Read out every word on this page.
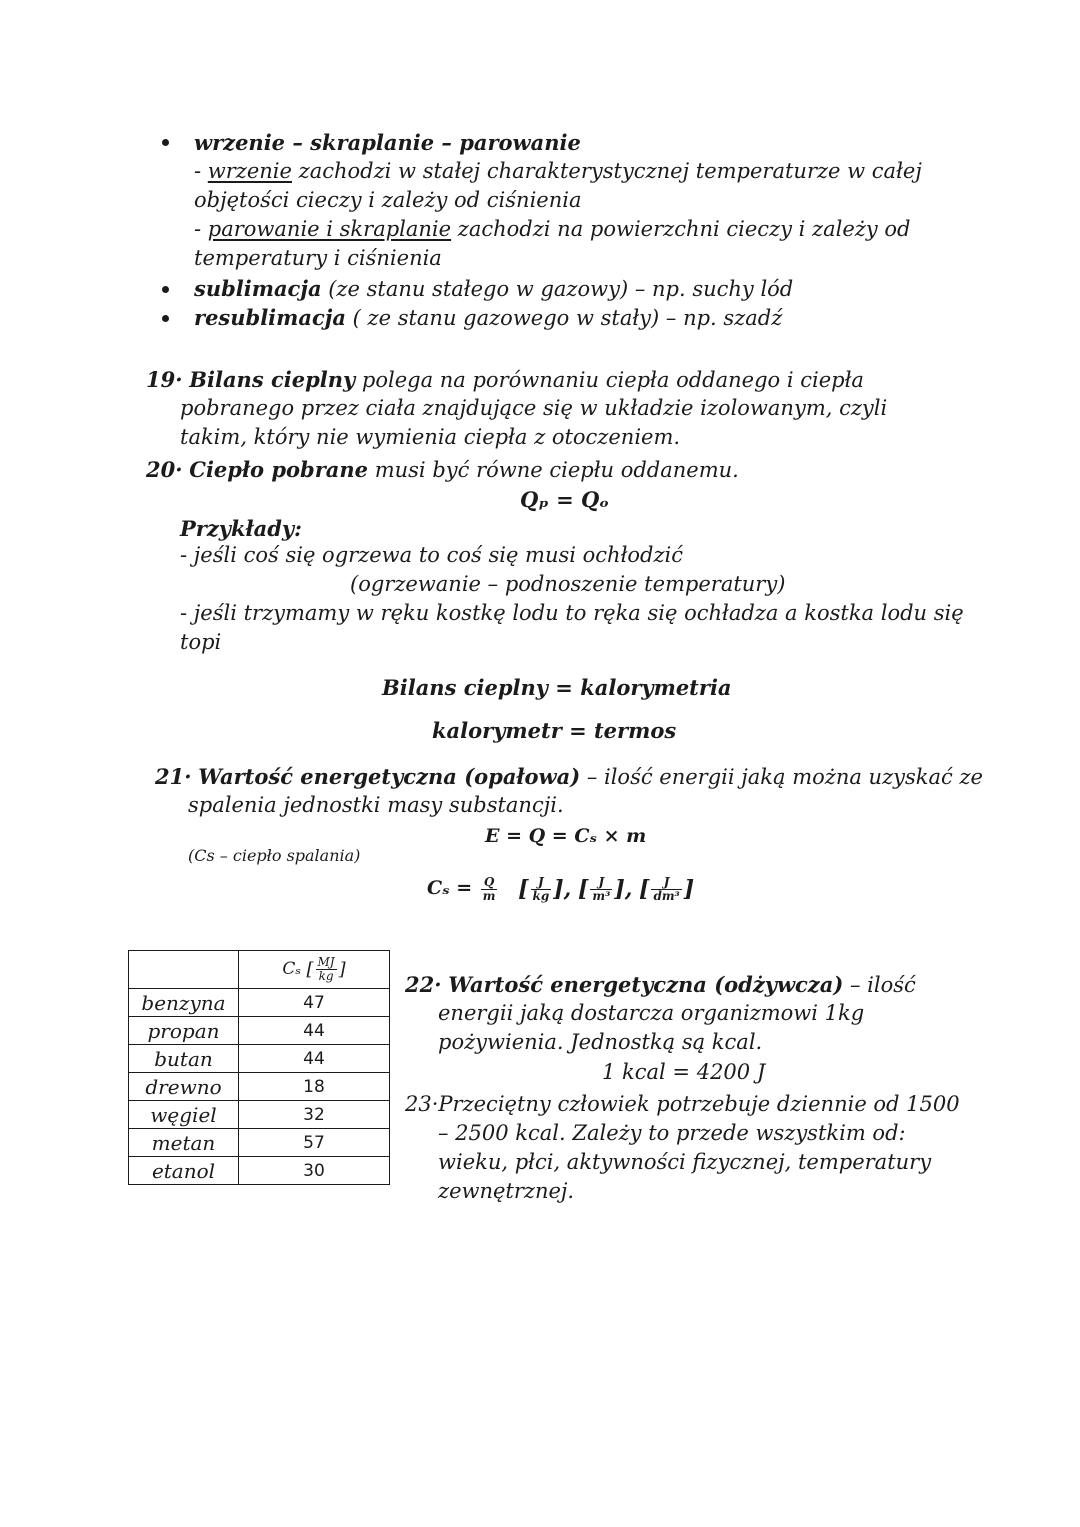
wrzenie – skraplanie – parowanie
- wrzenie zachodzi w stałej charakterystycznej temperaturze w całej
objętości cieczy i zależy od ciśnienia
- parowanie i skraplanie zachodzi na powierzchni cieczy i zależy od
temperatury i ciśnienia
sublimacja (ze stanu stałego w gazowy) – np. suchy lód
resublimacja ( ze stanu gazowego w stały) – np. szadź
19· Bilans cieplny polega na porównaniu ciepła oddanego i ciepła
pobranego przez ciała znajdujące się w układzie izolowanym, czyli
takim, który nie wymienia ciepła z otoczeniem.
20· Ciepło pobrane musi być równe ciepłu oddanemu.
Qₚ = Qₒ
Przykłady:
- jeśli coś się ogrzewa to coś się musi ochłodzić
(ogrzewanie – podnoszenie temperatury)
- jeśli trzymamy w ręku kostkę lodu to ręka się ochładza a kostka lodu się
topi
Bilans cieplny = kalorymetria
kalorymetr = termos
21· Wartość energetyczna (opałowa) – ilość energii jaką można uzyskać ze
spalenia jednostki masy substancji.
E = Q = Cₛ × m
(Cs – ciepło spalania)
$C_s = \frac{Q}{m}$ [ $\frac{J}{kg}$ ], [ $\frac{J}{\text{m³}}$ ], [ $\frac{J}{\text{dm³}}$ ]
	Cₛ [ $\frac{MJ}{kg}$ ]
benzyna	47
propan	44
butan	44
drewno	18
węgiel	32
metan	57
etanol	30
22· Wartość energetyczna (odżywcza) – ilość
energii jaką dostarcza organizmowi 1kg
pożywienia. Jednostką są kcal.
1 kcal = 4200 J
23·Przeciętny człowiek potrzebuje dziennie od 1500
– 2500 kcal. Zależy to przede wszystkim od:
wieku, płci, aktywności fizycznej, temperatury
zewnętrznej.
